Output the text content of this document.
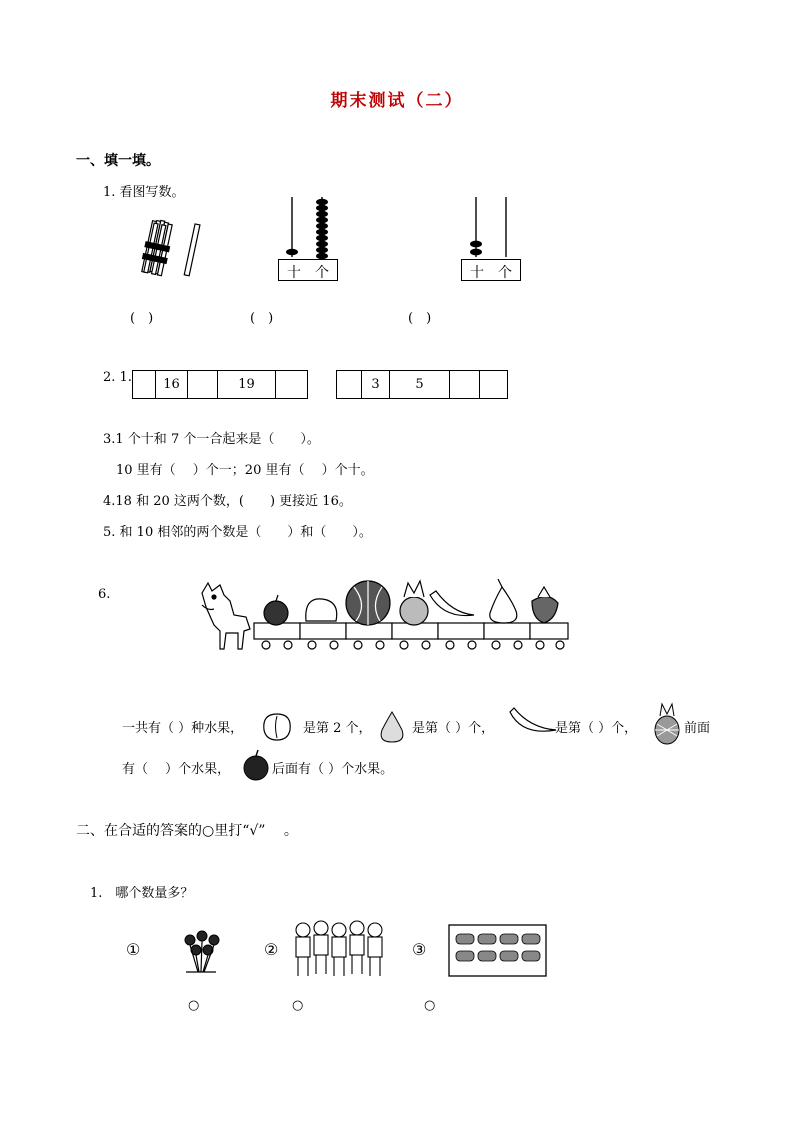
期末测试（二）
一、填一填。
1. 看图写数。
十 个	十 个
(　)	(　)	(　)
2. 1.	16	19	3	5
3.1 个十和 7 个一合起来是（　　）。
10 里有（　 ）个一；20 里有（　 ）个十。
4.18 和 20 这两个数，(　　) 更接近 16。
5. 和 10 相邻的两个数是（　　）和（　　）。
6.
一共有（ ）种水果，	是第 2 个，	是第（ ）个，	是第（ ）个，	前面
有（　 ）个水果，	后面有（ ）个水果。
二、在合适的答案的○里打“√”　 。
1.　哪个数量多？
①	②	③
○	○	○
